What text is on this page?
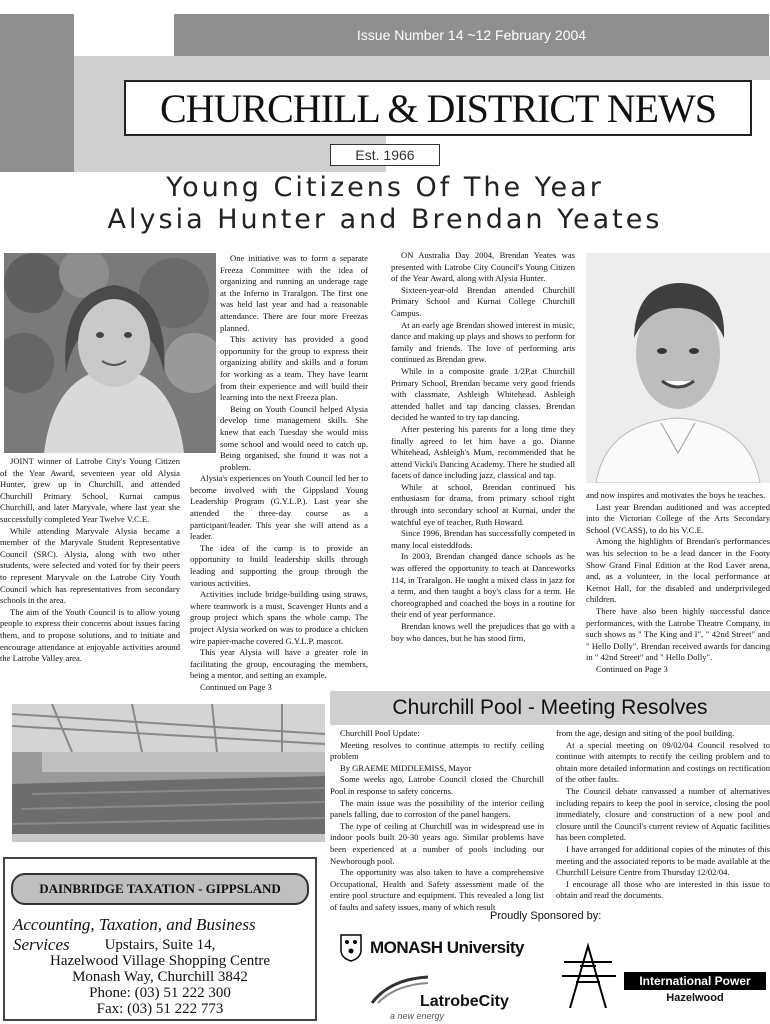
Issue Number 14 ~12 February 2004
CHURCHILL & DISTRICT NEWS
Est. 1966
Young Citizens Of The Year
Alysia Hunter and Brendan Yeates

JOINT winner of Latrobe City's Young Citizen of the Year Award, seventeen year old Alysia Hunter, grew up in Churchill, and attended Churchill Primary School, Kurnai campus Churchill, and later Maryvale, where last year she successfully completed Year Twelve V.C.E.

While attending Maryvale Alysia became a member of the Maryvale Student Representative Council (SRC). Alysia, along with two other students, were selected and voted for by their peers to represent Maryvale on the Latrobe City Youth Council which has representatives from secondary schools in the area.

The aim of the Youth Council is to allow young people to express their concerns about issues facing them, and to propose solutions, and to initiate and encourage attendance at enjoyable activities around the Latrobe Valley area.

One initiative was to form a separate Freeza Committee with the idea of organizing and running an underage rage at the Inferno in Traralgon. The first one was held last year and had a reasonable attendance. There are four more Freezas planned.

This activity has provided a good opportunity for the group to express their organizing ability and skills and a forum for working as a team. They have learnt from their experience and will build their learning into the next Freeza plan.

Being on Youth Council helped Alysia develop time management skills. She knew that each Tuesday she would miss some school and would need to catch up. Being organised, she found it was not a problem.

Alysia's experiences on Youth Council led her to become involved with the Gippsland Young Leadership Program (G.Y.L.P.). Last year she attended the three-day course as a participant/leader. This year she will attend as a leader.

The idea of the camp is to provide an opportunity to build leadership skills through leading and supporting the group through the various activities.

Activities include bridge-building using straws, where teamwork is a must, Scavenger Hunts and a group project which spans the whole camp. The project Alysia worked on was to produce a chicken wire papier-mache covered G.Y.L.P. mascot.

This year Alysia will have a greater role in facilitating the group, encouraging the members, being a mentor, and setting an example.

Continued on Page 3

ON Australia Day 2004, Brendan Yeates was presented with Latrobe City Council's Young Citizen of the Year Award, along with Alysia Hunter.

Sixteen-year-old Brendan attended Churchill Primary School and Kurnai College Churchill Campus.

At an early age Brendan showed interest in music, dance and making up plays and shows to perform for family and friends. The love of performing arts continued as Brendan grew.

While in a composite grade 1/2P,at Churchill Primary School, Brendan became very good friends with classmate, Ashleigh Whitehead. Ashleigh attended ballet and tap dancing classes. Brendan decided he wanted to try tap dancing.

After pestering his parents for a long time they finally agreed to let him have a go. Dianne Whitehead, Ashleigh's Mum, recommended that he attend Vicki's Dancing Academy. There he studied all facets of dance including jazz, classical and tap.

While at school, Brendan continued his enthusiasm for drama, from primary school right through into secondary school at Kurnai, under the watchful eye of teacher, Ruth Howard.

Since 1996, Brendan has successfully competed in many local eisteddfods.

In 2003, Brendan changed dance schools as he was offered the opportunity to teach at Danceworks 114, in Traralgon. He taught a mixed class in jazz for a term, and then taught a boy's class for a term. He choreographed and coached the boys in a routine for their end of year performance.

Brendan knows well the prejudices that go with a boy who dances, but he has stood firm,

and now inspires and motivates the boys he teaches.

Last year Brendan auditioned and was accepted into the Victorian College of the Arts Secondary School (VCASS), to do his V.C.E.

Among the highlights of Brendan's performances was his selection to be a lead dancer in the Footy Show Grand Final Edition at the Rod Laver arena, and, as a volunteer, in the local performance at Kernot Hall, for the disabled and underprivileged children.

There have also been highly successful dance performances, with the Latrobe Theatre Company, in such shows as " The King and I", " 42nd Street" and " Hello Dolly". Brendan received awards for dancing in " 42nd Street" and " Hello Dolly".

Continued on Page 3

Churchill Pool - Meeting Resolves

Churchill Pool Update:

Meeting resolves to continue attempts to rectify ceiling problem

By GRAEME MIDDLEMISS, Mayor

Some weeks ago, Latrobe Council closed the Churchill Pool in response to safety concerns.

The main issue was the possibility of the interior ceiling panels falling, due to corrosion of the panel hangers.

The type of ceiling at Churchill was in widespread use in indoor pools built 20-30 years ago. Similar problems have been experienced at a number of pools including our Newborough pool.

The opportunity was also taken to have a comprehensive Occupational, Health and Safety assessment made of the entire pool structure and equipment. This revealed a long list of faults and safety issues, many of which result

from the age, design and siting of the pool building.

At a special meeting on 09/02/04 Council resolved to continue with attempts to rectify the ceiling problem and to obtain more detailed information and costings on rectification of the other faults.

The Council debate canvassed a number of alternatives including repairs to keep the pool in service, closing the pool immediately, closure and construction of a new pool and closure until the Council's current review of Aquatic facilities has been completed.

I have arranged for additional copies of the minutes of this meeting and the associated reports to be made available at the Churchill Leisure Centre from Thursday 12/02/04.

I encourage all those who are interested in this issue to obtain and read the documents.

DAINBRIDGE TAXATION - GIPPSLAND
Accounting, Taxation, and Business Services	Upstairs, Suite 14,
Hazelwood Village Shopping Centre
Monash Way, Churchill 3842
Phone: (03) 51 222 300
Fax: (03) 51 222 773
Proudly Sponsored by:
MONASH University
LatrobeCity
a new energy
International Power
Hazelwood
